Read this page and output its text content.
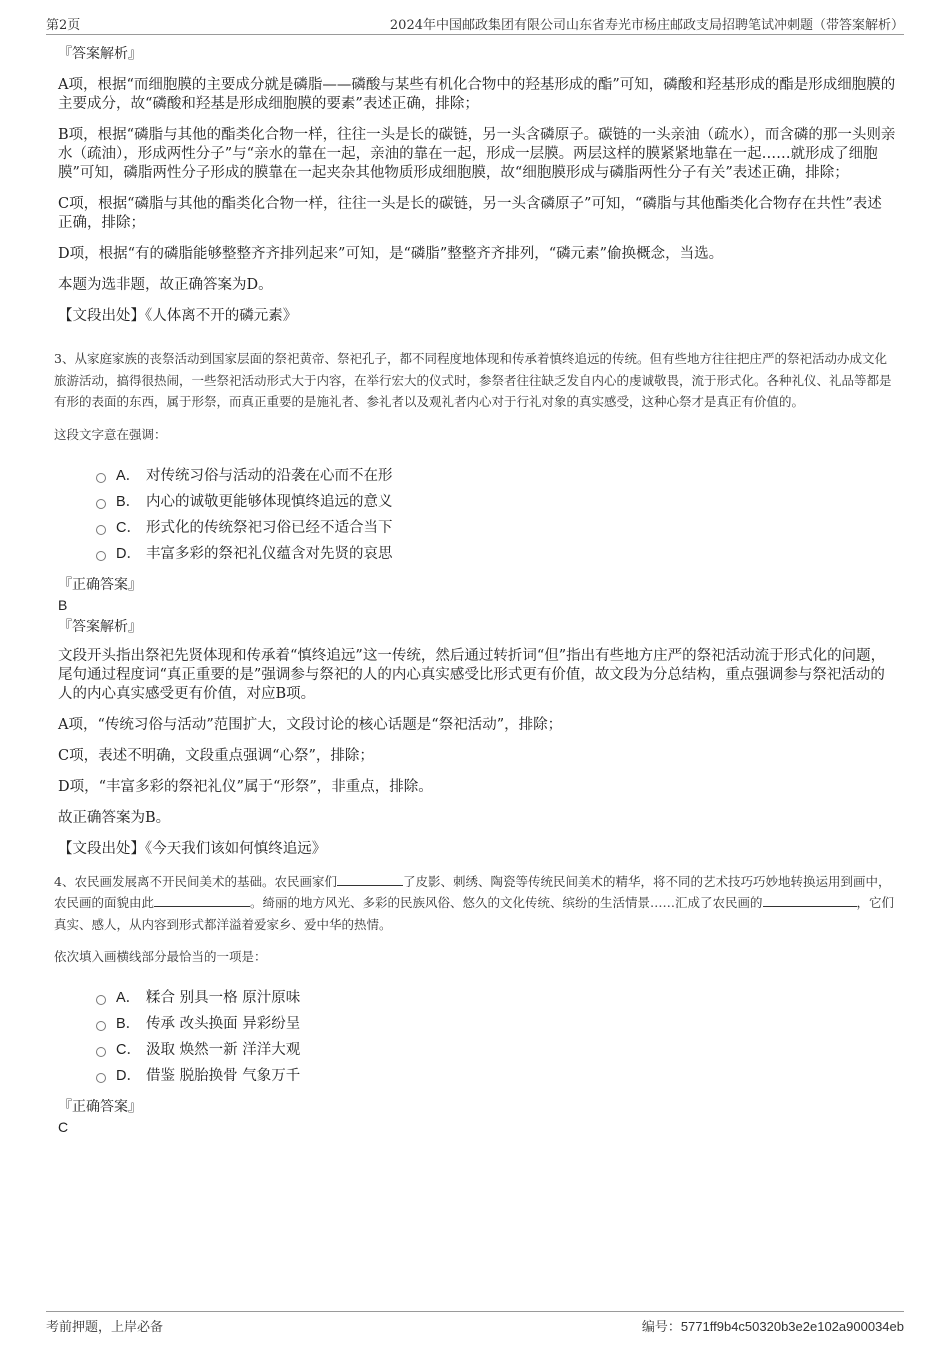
第2页	2024年中国邮政集团有限公司山东省寿光市杨庄邮政支局招聘笔试冲刺题（带答案解析）
『答案解析』
A项，根据“而细胞膜的主要成分就是磷脂——磷酸与某些有机化合物中的羟基形成的酯”可知，磷酸和羟基形成的酯是形成细胞膜的主要成分，故“磷酸和羟基是形成细胞膜的要素”表述正确，排除；
B项，根据“磷脂与其他的酯类化合物一样，往往一头是长的碳链，另一头含磷原子。碳链的一头亲油（疏水），而含磷的那一头则亲水（疏油），形成两性分子”与“亲水的靠在一起，亲油的靠在一起，形成一层膜。两层这样的膜紧紧地靠在一起……就形成了细胞膜”可知，磷脂两性分子形成的膜靠在一起夹杂其他物质形成细胞膜，故“细胞膜形成与磷脂两性分子有关”表述正确，排除；
C项，根据“磷脂与其他的酯类化合物一样，往往一头是长的碳链，另一头含磷原子”可知，“磷脂与其他酯类化合物存在共性”表述正确，排除；
D项，根据“有的磷脂能够整整齐齐排列起来”可知，是“磷脂”整整齐齐排列，“磷元素”偷换概念，当选。
本题为选非题，故正确答案为D。
【文段出处】《人体离不开的磷元素》
3、从家庭家族的丧祭活动到国家层面的祭祀黄帝、祭祀孔子，都不同程度地体现和传承着慎终追远的传统。但有些地方往往把庄严的祭祀活动办成文化旅游活动，搞得很热闹，一些祭祀活动形式大于内容，在举行宏大的仪式时，参祭者往往缺乏发自内心的虔诚敬畏，流于形式化。各种礼仪、礼品等都是有形的表面的东西，属于形祭，而真正重要的是施礼者、参礼者以及观礼者内心对于行礼对象的真实感受，这种心祭才是真正有价值的。
这段文字意在强调：
A． 对传统习俗与活动的沿袭在心而不在形
B． 内心的诚敬更能够体现慎终追远的意义
C． 形式化的传统祭祀习俗已经不适合当下
D． 丰富多彩的祭祀礼仪蕴含对先贤的哀思
『正确答案』
B
『答案解析』
文段开头指出祭祀先贤体现和传承着“慎终追远”这一传统，然后通过转折词“但”指出有些地方庄严的祭祀活动流于形式化的问题，尾句通过程度词“真正重要的是”强调参与祭祀的人的内心真实感受比形式更有价值，故文段为分总结构，重点强调参与祭祀活动的人的内心真实感受更有价值，对应B项。
A项，“传统习俗与活动”范围扩大，文段讨论的核心话题是“祭祀活动”，排除；
C项，表述不明确，文段重点强调“心祭”，排除；
D项，“丰富多彩的祭祀礼仪”属于“形祭”，非重点，排除。
故正确答案为B。
【文段出处】《今天我们该如何慎终追远》
4、农民画发展离不开民间美术的基础。农民画家们	了皮影、刺绣、陶瓷等传统民间美术的精华，将不同的艺术技巧巧妙地转换运用到画中，农民画的面貌由此	。绮丽的地方风光、多彩的民族风俗、悠久的文化传统、缤纷的生活情景……汇成了农民画的	，它们真实、感人，从内容到形式都洋溢着爱家乡、爱中华的热情。
依次填入画横线部分最恰当的一项是：
A． 糅合 别具一格 原汁原味
B． 传承 改头换面 异彩纷呈
C． 汲取 焕然一新 洋洋大观
D． 借鉴 脱胎换骨 气象万千
『正确答案』
C
考前押题，上岸必备	编号：5771ff9b4c50320b3e2e102a900034eb
